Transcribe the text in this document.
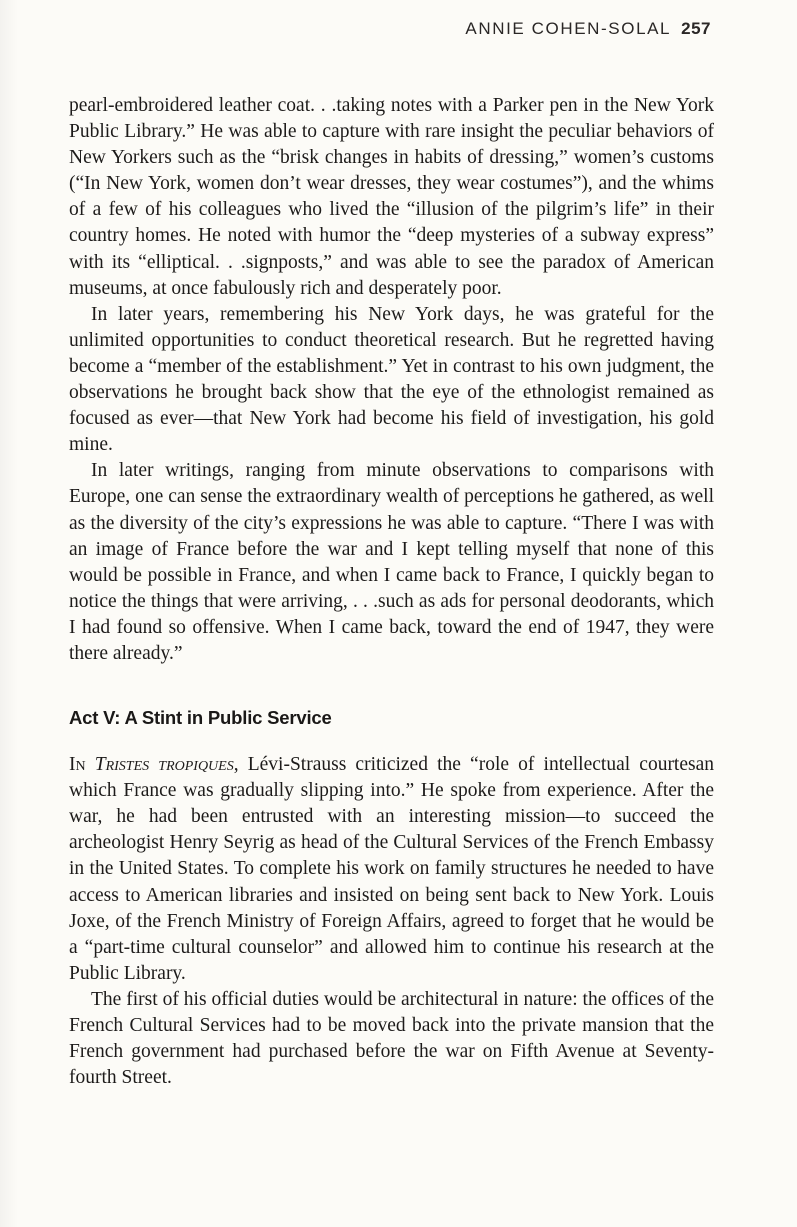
ANNIE COHEN-SOLAL 257

pearl-embroidered leather coat. . .taking notes with a Parker pen in the New York Public Library.” He was able to capture with rare insight the peculiar behaviors of New Yorkers such as the “brisk changes in habits of dressing,” women’s customs (“In New York, women don’t wear dresses, they wear costumes”), and the whims of a few of his colleagues who lived the “illusion of the pilgrim’s life” in their country homes. He noted with humor the “deep mysteries of a subway express” with its “elliptical. . .signposts,” and was able to see the paradox of American museums, at once fabulously rich and desperately poor.

In later years, remembering his New York days, he was grateful for the unlimited opportunities to conduct theoretical research. But he regretted having become a “member of the establishment.” Yet in contrast to his own judgment, the observations he brought back show that the eye of the ethnologist remained as focused as ever—that New York had become his field of investigation, his gold mine.

In later writings, ranging from minute observations to comparisons with Europe, one can sense the extraordinary wealth of perceptions he gathered, as well as the diversity of the city’s expressions he was able to capture. “There I was with an image of France before the war and I kept telling myself that none of this would be possible in France, and when I came back to France, I quickly began to notice the things that were arriving, . . .such as ads for personal deodorants, which I had found so offensive. When I came back, toward the end of 1947, they were there already.”

Act V: A Stint in Public Service

In Tristes tropiques, Lévi-Strauss criticized the “role of intellectual courtesan which France was gradually slipping into.” He spoke from experience. After the war, he had been entrusted with an interesting mission—to succeed the archeologist Henry Seyrig as head of the Cultural Services of the French Embassy in the United States. To complete his work on family structures he needed to have access to American libraries and insisted on being sent back to New York. Louis Joxe, of the French Ministry of Foreign Affairs, agreed to forget that he would be a “part-time cultural counselor” and allowed him to continue his research at the Public Library.

The first of his official duties would be architectural in nature: the offices of the French Cultural Services had to be moved back into the private mansion that the French government had purchased before the war on Fifth Avenue at Seventy-fourth Street.
